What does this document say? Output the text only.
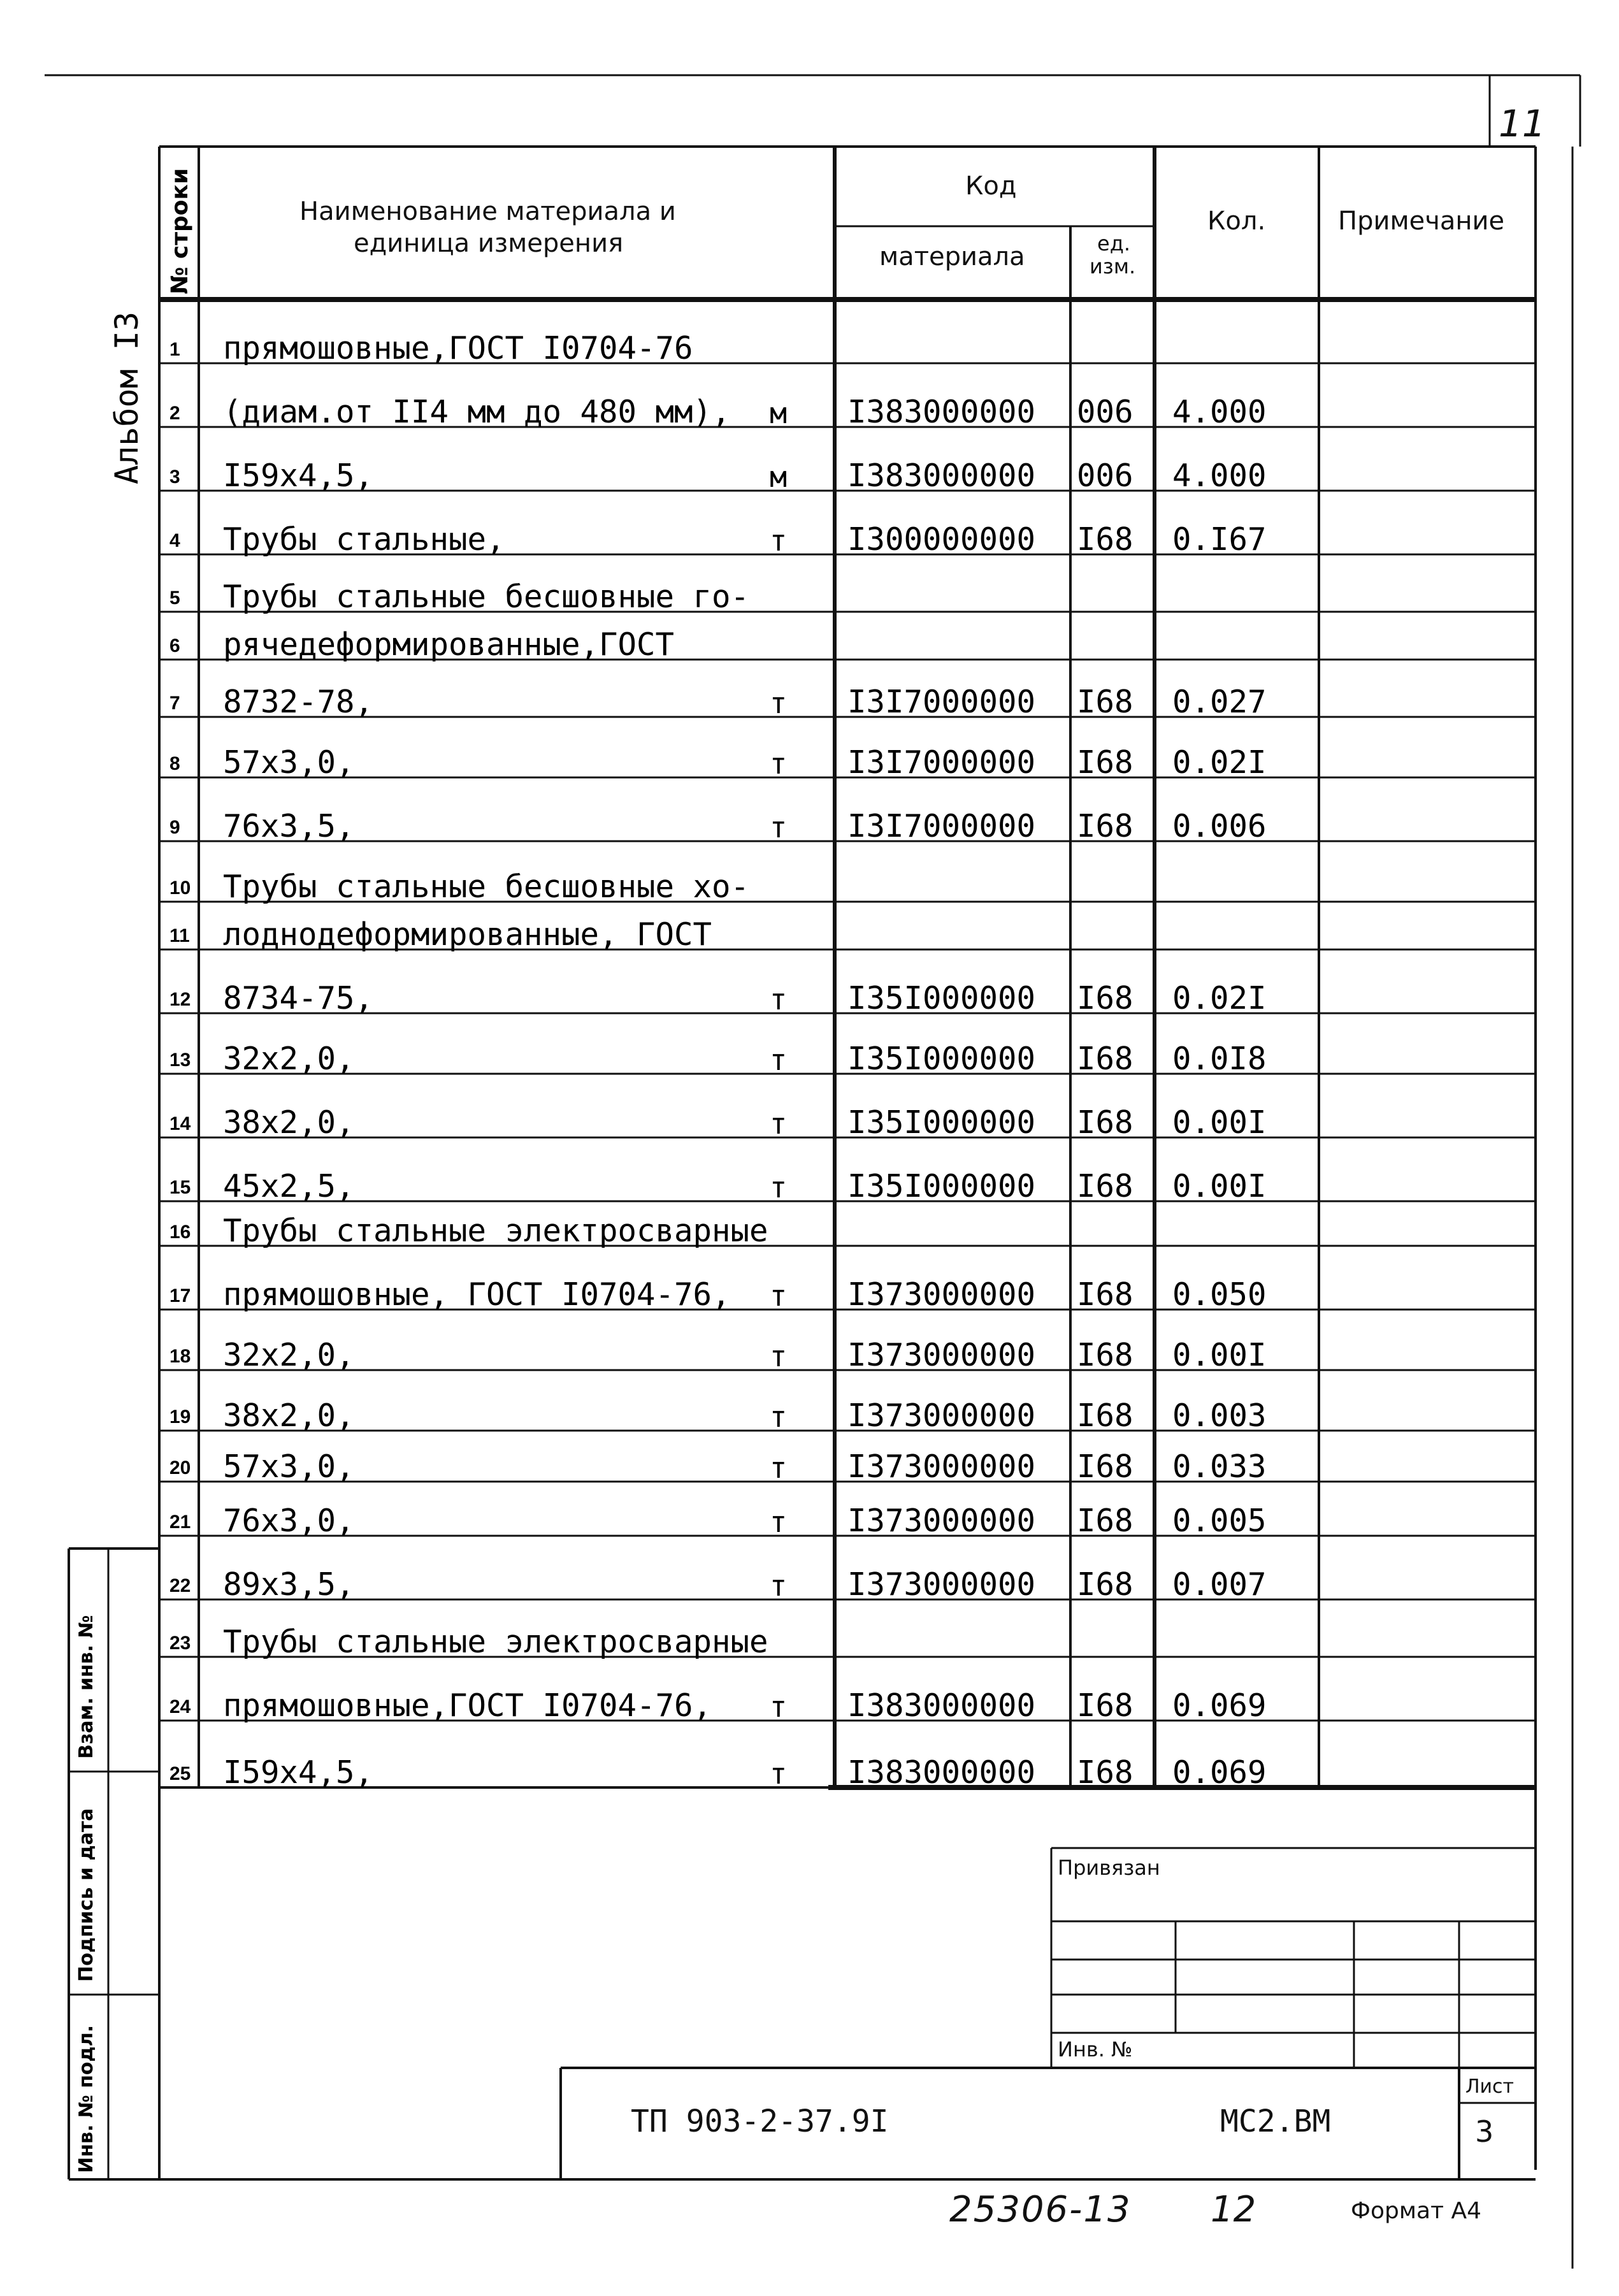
11
Альбом I3
№ строки	Наименование материала и
единица измерения
Код
материала	ед.
изм.
Кол.	Примечание
1 прямошовные,ГОСТ I0704-76
2 (диам.от II4 мм до 480 мм), м I383000000 006 4.000
3 I59x4,5,	м I383000000 006 4.000
4 Трубы стальные,	т I300000000 I68 0.I67
5 Трубы стальные бесшовные го-
6 рячедеформированные,ГОСТ
7 8732-78,	т I3I7000000 I68 0.027
8 57x3,0,	т I3I7000000 I68 0.02I
9 76x3,5,	т I3I7000000 I68 0.006
10 Трубы стальные бесшовные хо-
11 лоднодеформированные, ГОСТ
12 8734-75,	т I35I000000 I68 0.02I
13 32x2,0,	т I35I000000 I68 0.0I8
14 38x2,0,	т I35I000000 I68 0.00I
15 45x2,5,	т I35I000000 I68 0.00I
16 Трубы стальные электросварные
17 прямошовные, ГОСТ I0704-76, т I373000000 I68 0.050
18 32x2,0,	т I373000000 I68 0.00I
19 38x2,0,	т I373000000 I68 0.003
20 57x3,0,	т I373000000 I68 0.033
21 76x3,0,	т I373000000 I68 0.005
22 89x3,5,	т I373000000 I68 0.007
23 Трубы стальные электросварные
24 прямошовные,ГОСТ I0704-76, т I383000000 I68 0.069
25 I59x4,5,	т I383000000 I68 0.069
Взам. инв. №
Подпись и дата
Инв. № подл.
Привязан
Инв. №
ТП 903-2-37.9I	МС2.ВМ
Лист
3
25306-13 12	Формат А4
